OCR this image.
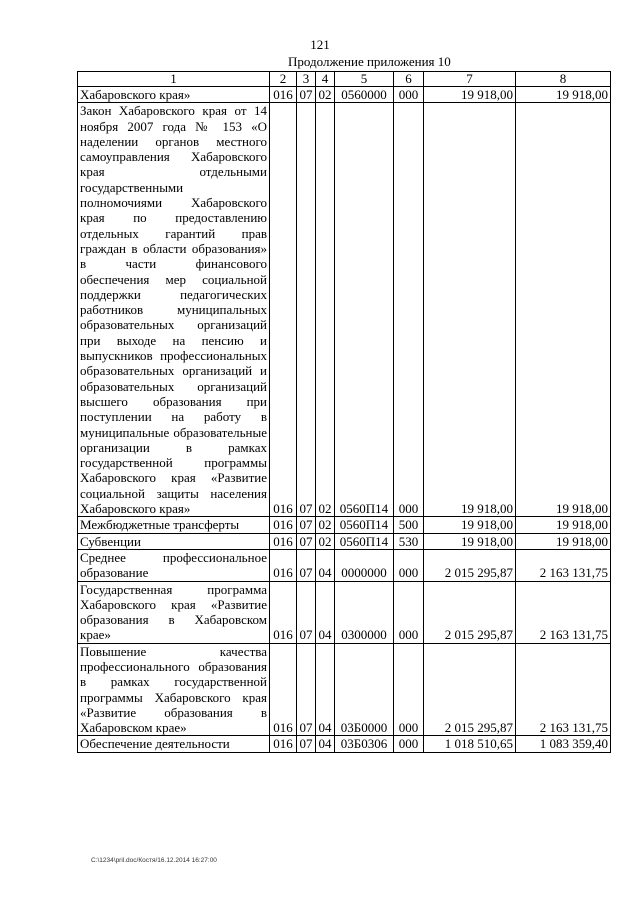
121
Продолжение приложения 10
1	2	3	4	5	6	7	8
Хабаровского края»	016	07	02	0560000	000	19 918,00	19 918,00
Закон Хабаровского края от 14 ноября 2007 года № 153 «О наделении органов местного самоуправления Хабаровского края отдельными государственными полномочиями Хабаровского края по предоставлению отдельных гарантий прав граждан в области образования» в части финансового обеспечения мер социальной поддержки педагогических работников муниципальных образовательных организаций при выходе на пенсию и выпускников профессиональных образовательных организаций и образовательных организаций высшего образования при поступлении на работу в муниципальные образовательные организации в рамках государственной программы Хабаровского края «Развитие социальной защиты населения Хабаровского края»	016	07	02	0560П14	000	19 918,00	19 918,00
Межбюджетные трансферты	016	07	02	0560П14	500	19 918,00	19 918,00
Субвенции	016	07	02	0560П14	530	19 918,00	19 918,00
Среднее профессиональное образование	016	07	04	0000000	000	2 015 295,87	2 163 131,75
Государственная программа Хабаровского края «Развитие образования в Хабаровском крае»	016	07	04	0300000	000	2 015 295,87	2 163 131,75
Повышение качества профессионального образования в рамках государственной программы Хабаровского края «Развитие образования в Хабаровском крае»	016	07	04	03Б0000	000	2 015 295,87	2 163 131,75
Обеспечение деятельности	016	07	04	03Б0306	000	1 018 510,65	1 083 359,40
C:\1234\pril.doc/Костя/16.12.2014 16:27:00
